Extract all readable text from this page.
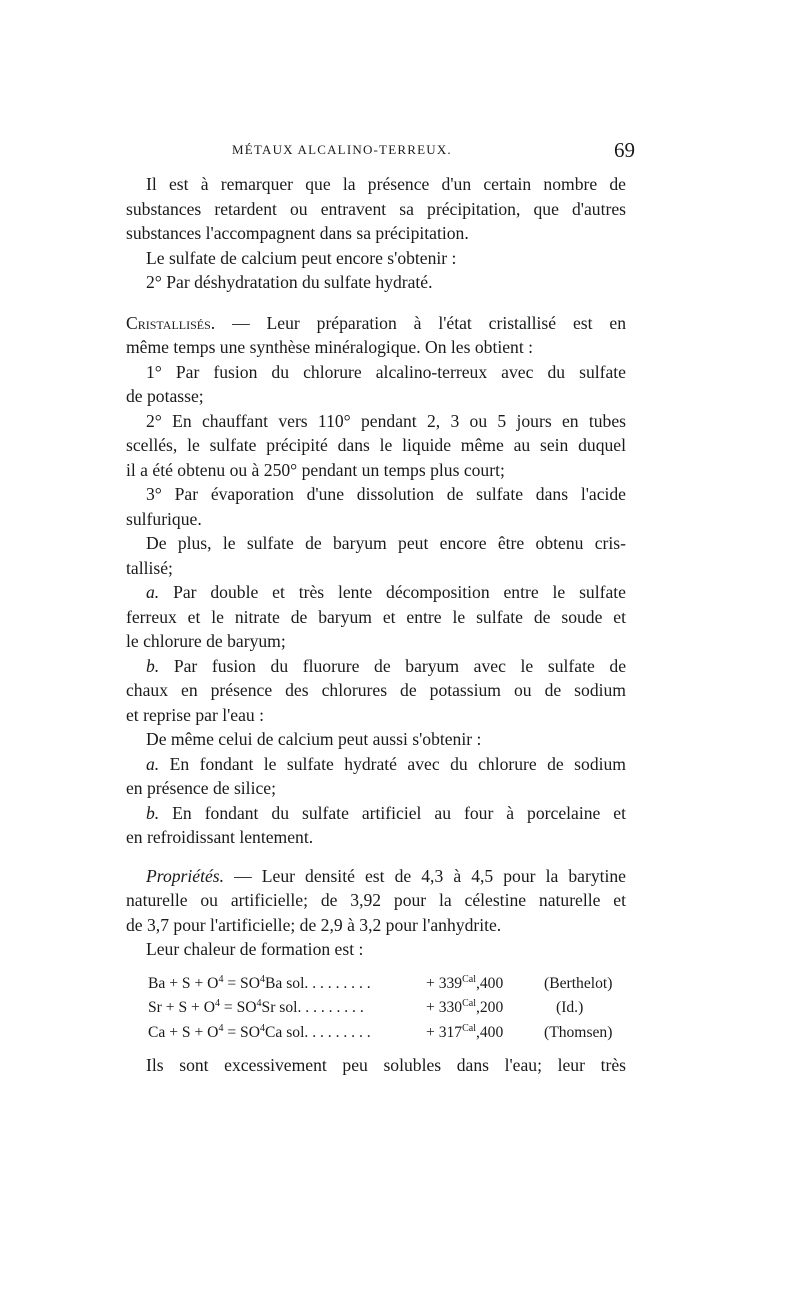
MÉTAUX ALCALINO-TERREUX.	69
Il est à remarquer que la présence d'un certain nombre de
substances retardent ou entravent sa précipitation, que d'autres
substances l'accompagnent dans sa précipitation.
Le sulfate de calcium peut encore s'obtenir :
2° Par déshydratation du sulfate hydraté.
Cristallisés. — Leur préparation à l'état cristallisé est en
même temps une synthèse minéralogique. On les obtient :
1° Par fusion du chlorure alcalino-terreux avec du sulfate
de potasse;
2° En chauffant vers 110° pendant 2, 3 ou 5 jours en tubes
scellés, le sulfate précipité dans le liquide même au sein duquel
il a été obtenu ou à 250° pendant un temps plus court;
3° Par évaporation d'une dissolution de sulfate dans l'acide
sulfurique.
De plus, le sulfate de baryum peut encore être obtenu cris-
tallisé;
a. Par double et très lente décomposition entre le sulfate
ferreux et le nitrate de baryum et entre le sulfate de soude et
le chlorure de baryum;
b. Par fusion du fluorure de baryum avec le sulfate de
chaux en présence des chlorures de potassium ou de sodium
et reprise par l'eau :
De même celui de calcium peut aussi s'obtenir :
a. En fondant le sulfate hydraté avec du chlorure de sodium
en présence de silice;
b. En fondant du sulfate artificiel au four à porcelaine et
en refroidissant lentement.
Propriétés. — Leur densité est de 4,3 à 4,5 pour la barytine
naturelle ou artificielle; de 3,92 pour la célestine naturelle et
de 3,7 pour l'artificielle; de 2,9 à 3,2 pour l'anhydrite.
Leur chaleur de formation est :
$Ba + S + O^4 = SO^4Ba$ sol. . . . . . . . .	+ $339^{Cal},400$	(Berthelot)
$Sr + S + O^4 = SO^4Sr$ sol. . . . . . . . .	+ $330^{Cal},200$	(Id.)
$Ca + S + O^4 = SO^4Ca$ sol. . . . . . . . .	+ $317^{Cal},400$	(Thomsen)
Ils sont excessivement peu solubles dans l'eau; leur très
